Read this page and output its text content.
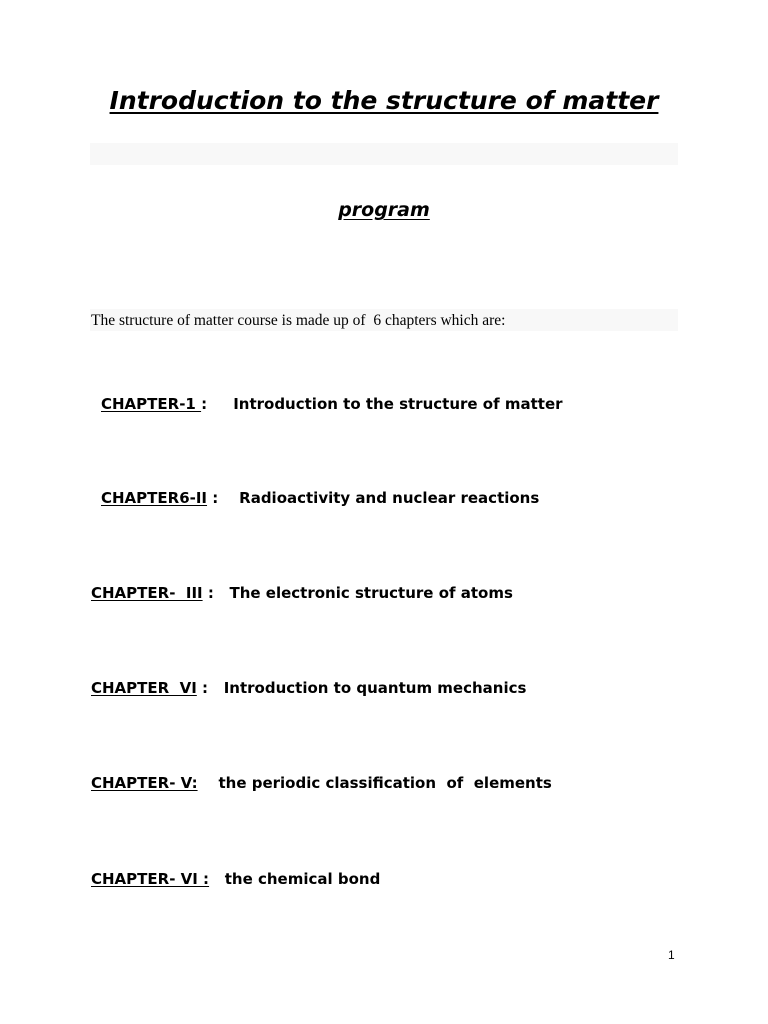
Introduction to the structure of matter
program
The structure of matter course is made up of  6 chapters which are:
CHAPTER-1 :     Introduction to the structure of matter
CHAPTER6-II :    Radioactivity and nuclear reactions
CHAPTER-  III :   The electronic structure of atoms
CHAPTER  VI :   Introduction to quantum mechanics
CHAPTER- V: the periodic classification  of  elements
CHAPTER- VI : the chemical bond
1
